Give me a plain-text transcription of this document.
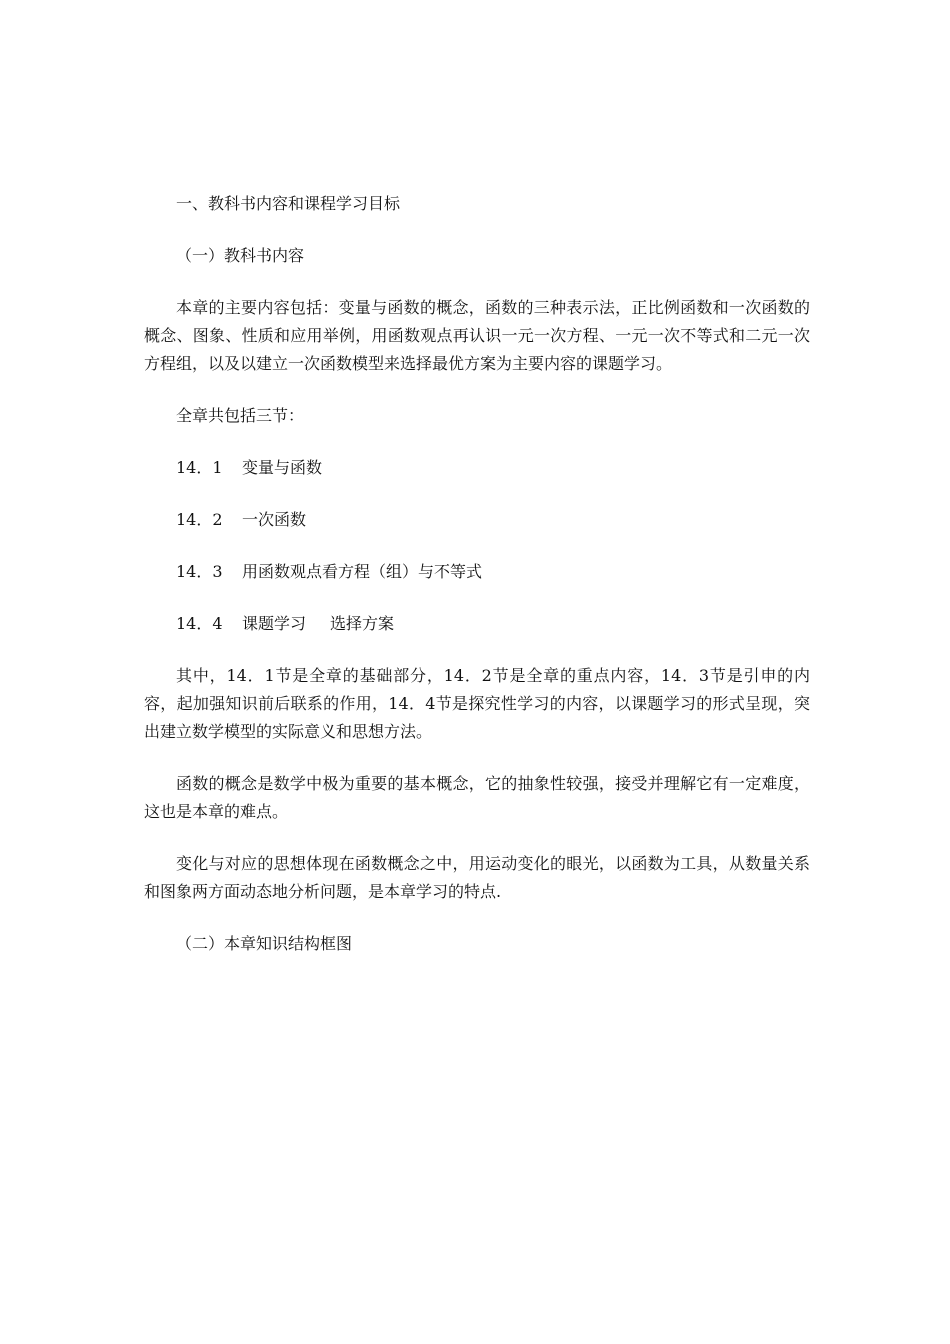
一、教科书内容和课程学习目标

（一）教科书内容

本章的主要内容包括：变量与函数的概念，函数的三种表示法，正比例函数和一次函数的概念、图象、性质和应用举例，用函数观点再认识一元一次方程、一元一次不等式和二元一次方程组，以及以建立一次函数模型来选择最优方案为主要内容的课题学习。

全章共包括三节：

14．1 变量与函数

14．2 一次函数

14．3 用函数观点看方程（组）与不等式

14．4 课题学习 选择方案

其中，14．1节是全章的基础部分，14．2节是全章的重点内容，14．3节是引申的内容，起加强知识前后联系的作用，14．4节是探究性学习的内容，以课题学习的形式呈现，突出建立数学模型的实际意义和思想方法。

函数的概念是数学中极为重要的基本概念，它的抽象性较强，接受并理解它有一定难度，这也是本章的难点。

变化与对应的思想体现在函数概念之中，用运动变化的眼光，以函数为工具，从数量关系和图象两方面动态地分析问题，是本章学习的特点.

（二）本章知识结构框图
